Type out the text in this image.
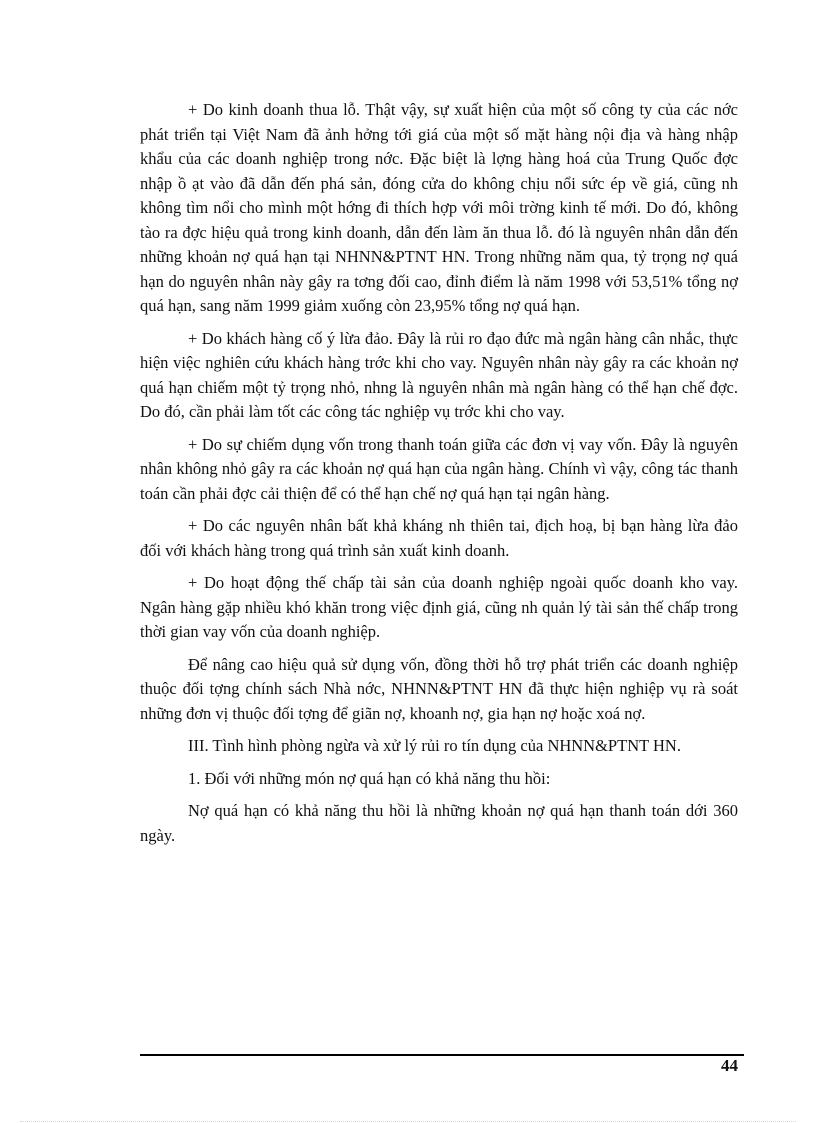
+ Do kinh doanh thua lỗ. Thật vậy, sự xuất hiện của một số công ty của các nớc phát triển tại Việt Nam đã ảnh hởng tới giá của một số mặt hàng nội địa và hàng nhập khẩu của các doanh nghiệp trong nớc. Đặc biệt là lợng hàng hoá của Trung Quốc đợc nhập ồ ạt vào đã dẫn đến phá sản, đóng cửa do không chịu nổi sức ép về giá, cũng nh không tìm nổi cho mình một hớng đi thích hợp với môi trờng kinh tế mới. Do đó, không tào ra đợc hiệu quả trong kinh doanh, dẫn đến làm ăn thua lỗ. đó là nguyên nhân dẫn đến những khoản nợ quá hạn tại NHNN&PTNT HN. Trong những năm qua, tỷ trọng nợ quá hạn do nguyên nhân này gây ra tơng đối cao, đỉnh điểm là năm 1998 với 53,51% tổng nợ quá hạn, sang năm 1999 giảm xuống còn 23,95% tổng nợ quá hạn.

+ Do khách hàng cố ý lừa đảo. Đây là rủi ro đạo đức mà ngân hàng cân nhắc, thực hiện việc nghiên cứu khách hàng trớc khi cho vay. Nguyên nhân này gây ra các khoản nợ quá hạn chiếm một tỷ trọng nhỏ, nhng là nguyên nhân mà ngân hàng có thể hạn chế đợc. Do đó, cần phải làm tốt các công tác nghiệp vụ trớc khi cho vay.

+ Do sự chiếm dụng vốn trong thanh toán giữa các đơn vị vay vốn. Đây là nguyên nhân không nhỏ gây ra các khoản nợ quá hạn của ngân hàng. Chính vì vậy, công tác thanh toán cần phải đợc cải thiện để có thể hạn chế nợ quá hạn tại ngân hàng.

+ Do các nguyên nhân bất khả kháng nh thiên tai, địch hoạ, bị bạn hàng lừa đảo đối với khách hàng trong quá trình sản xuất kinh doanh.

+ Do hoạt động thế chấp tài sản của doanh nghiệp ngoài quốc doanh kho vay. Ngân hàng gặp nhiều khó khăn trong việc định giá, cũng nh quản lý tài sản thế chấp trong thời gian vay vốn của doanh nghiệp.

Để nâng cao hiệu quả sử dụng vốn, đồng thời hỗ trợ phát triển các doanh nghiệp thuộc đối tợng chính sách Nhà nớc, NHNN&PTNT HN đã thực hiện nghiệp vụ rà soát những đơn vị thuộc đối tợng để giãn nợ, khoanh nợ, gia hạn nợ hoặc xoá nợ.

III. Tình hình phòng ngừa và xử lý rủi ro tín dụng của NHNN&PTNT HN.

1. Đối với những món nợ quá hạn có khả năng thu hồi:

Nợ quá hạn có khả năng thu hồi là những khoản nợ quá hạn thanh toán dới 360 ngày.

44
